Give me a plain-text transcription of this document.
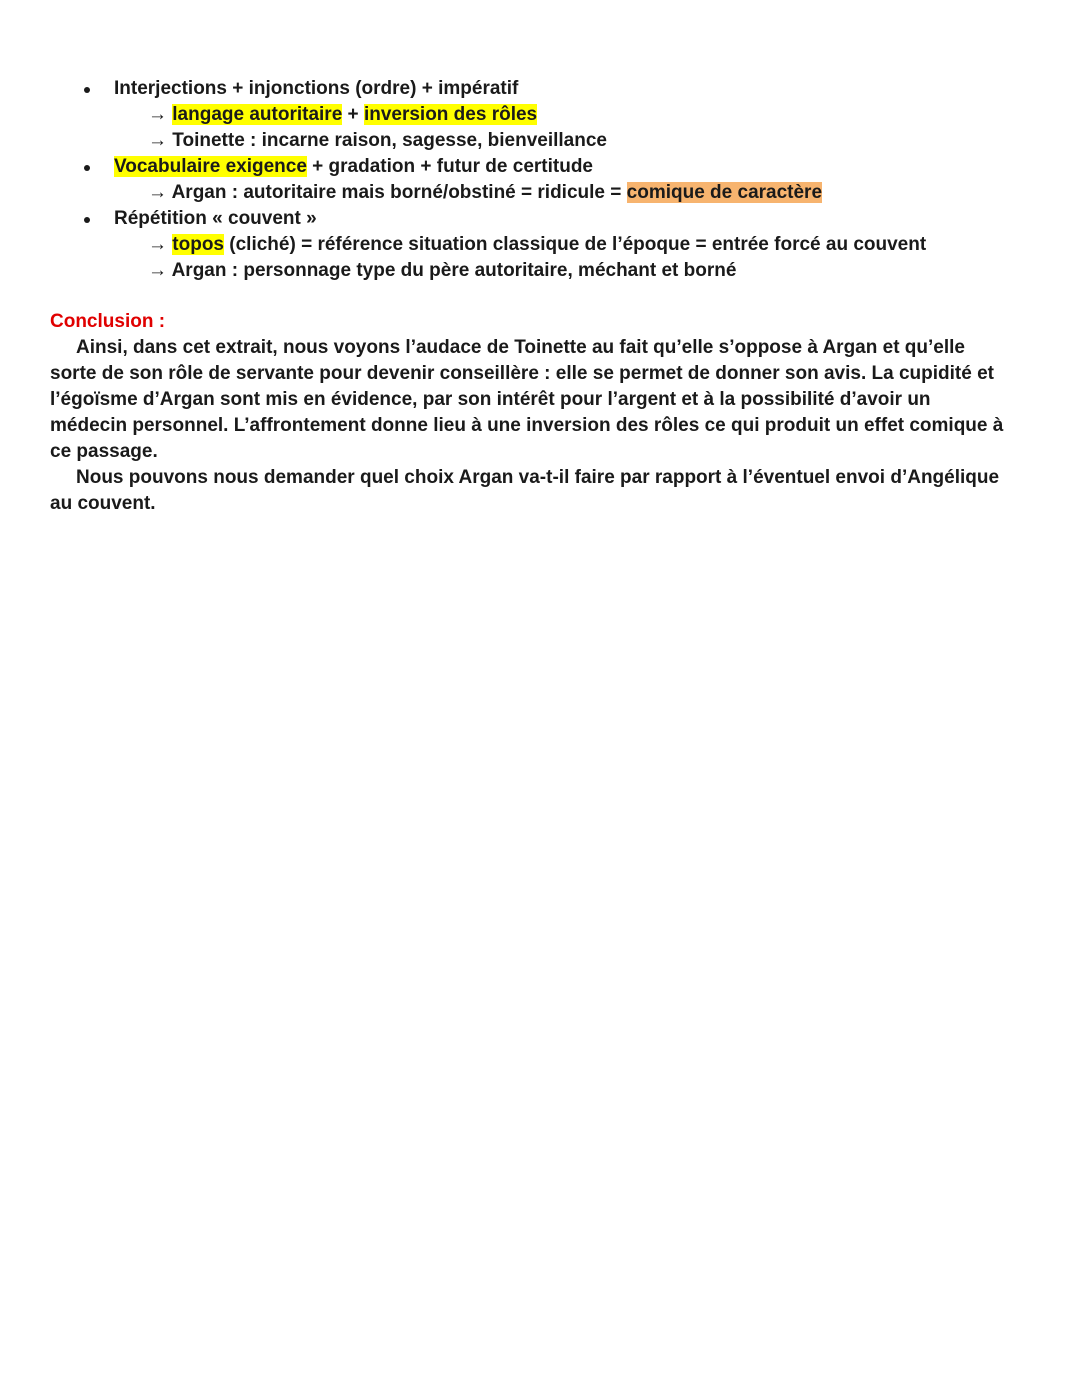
Interjections + injonctions (ordre) + impératif
→ langage autoritaire + inversion des rôles
→ Toinette : incarne raison, sagesse, bienveillance
Vocabulaire exigence + gradation + futur de certitude
→ Argan : autoritaire mais borné/obstiné = ridicule = comique de caractère
Répétition « couvent »
→ topos (cliché) = référence situation classique de l’époque = entrée forcé au couvent
→ Argan : personnage type du père autoritaire, méchant et borné
Conclusion :

Ainsi, dans cet extrait, nous voyons l’audace de Toinette au fait qu’elle s’oppose à Argan et qu’elle sorte de son rôle de servante pour devenir conseillère : elle se permet de donner son avis. La cupidité et l’égoïsme d’Argan sont mis en évidence, par son intérêt pour l’argent et à la possibilité d’avoir un médecin personnel. L’affrontement donne lieu à une inversion des rôles ce qui produit un effet comique à ce passage.

Nous pouvons nous demander quel choix Argan va-t-il faire par rapport à l’éventuel envoi d’Angélique au couvent.
